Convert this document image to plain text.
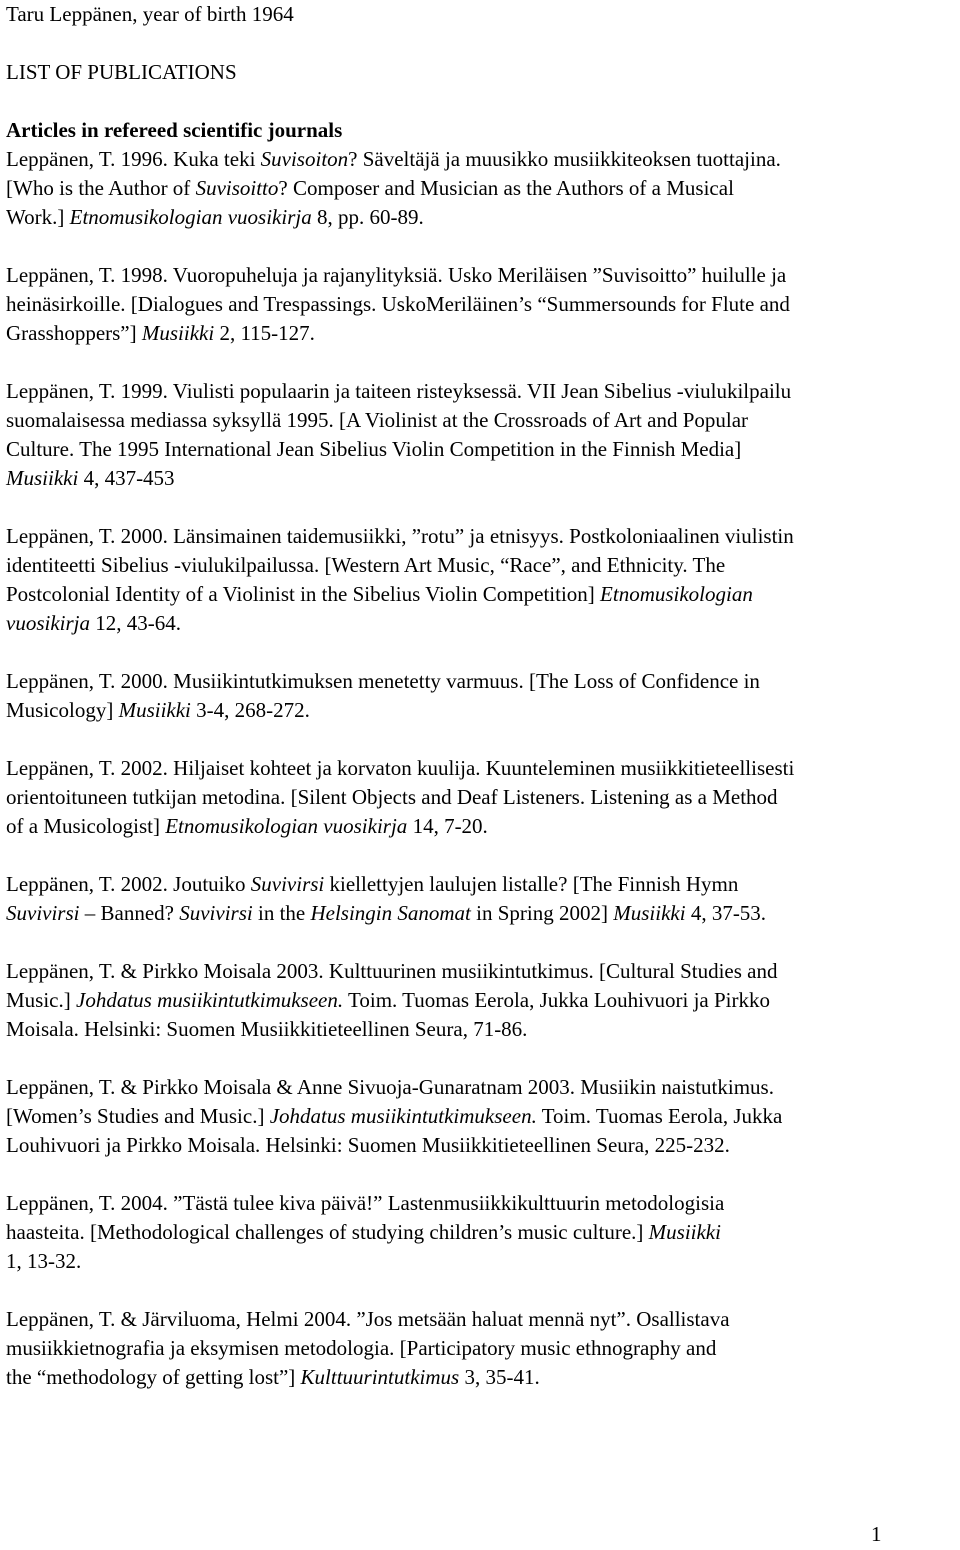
Taru Leppänen, year of birth 1964
LIST OF PUBLICATIONS
Articles in refereed scientific journals
Leppänen, T. 1996. Kuka teki Suvisoiton? Säveltäjä ja muusikko musiikkiteoksen tuottajina.
[Who is the Author of Suvisoitto? Composer and Musician as the Authors of a Musical
Work.] Etnomusikologian vuosikirja 8, pp. 60-89.
Leppänen, T. 1998. Vuoropuheluja ja rajanylityksiä. Usko Meriläisen ”Suvisoitto” huilulle ja
heinäsirkoille. [Dialogues and Trespassings. UskoMeriläinen’s “Summersounds for Flute and
Grasshoppers”] Musiikki 2, 115-127.
Leppänen, T. 1999. Viulisti populaarin ja taiteen risteyksessä. VII Jean Sibelius -viulukilpailu
suomalaisessa mediassa syksyllä 1995. [A Violinist at the Crossroads of Art and Popular
Culture. The 1995 International Jean Sibelius Violin Competition in the Finnish Media]
Musiikki 4, 437-453
Leppänen, T. 2000. Länsimainen taidemusiikki, ”rotu” ja etnisyys. Postkoloniaalinen viulistin
identiteetti Sibelius -viulukilpailussa. [Western Art Music, “Race”, and Ethnicity. The
Postcolonial Identity of a Violinist in the Sibelius Violin Competition] Etnomusikologian
vuosikirja 12, 43-64.
Leppänen, T. 2000. Musiikintutkimuksen menetetty varmuus. [The Loss of Confidence in
Musicology] Musiikki 3-4, 268-272.
Leppänen, T. 2002. Hiljaiset kohteet ja korvaton kuulija. Kuunteleminen musiikkitieteellisesti
orientoituneen tutkijan metodina. [Silent Objects and Deaf Listeners. Listening as a Method
of a Musicologist] Etnomusikologian vuosikirja 14, 7-20.
Leppänen, T. 2002. Joutuiko Suvivirsi kiellettyjen laulujen listalle? [The Finnish Hymn
Suvivirsi – Banned? Suvivirsi in the Helsingin Sanomat in Spring 2002] Musiikki 4, 37-53.
Leppänen, T. & Pirkko Moisala 2003. Kulttuurinen musiikintutkimus. [Cultural Studies and
Music.] Johdatus musiikintutkimukseen. Toim. Tuomas Eerola, Jukka Louhivuori ja Pirkko
Moisala. Helsinki: Suomen Musiikkitieteellinen Seura, 71-86.
Leppänen, T. & Pirkko Moisala & Anne Sivuoja-Gunaratnam 2003. Musiikin naistutkimus.
[Women’s Studies and Music.] Johdatus musiikintutkimukseen. Toim. Tuomas Eerola, Jukka
Louhivuori ja Pirkko Moisala. Helsinki: Suomen Musiikkitieteellinen Seura, 225-232.
Leppänen, T. 2004. ”Tästä tulee kiva päivä!” Lastenmusiikkikulttuurin metodologisia
haasteita. [Methodological challenges of studying children’s music culture.] Musiikki
1, 13-32.
Leppänen, T. & Järviluoma, Helmi 2004. ”Jos metsään haluat mennä nyt”. Osallistava
musiikkietnografia ja eksymisen metodologia. [Participatory music ethnography and
the “methodology of getting lost”] Kulttuurintutkimus 3, 35-41.
1
